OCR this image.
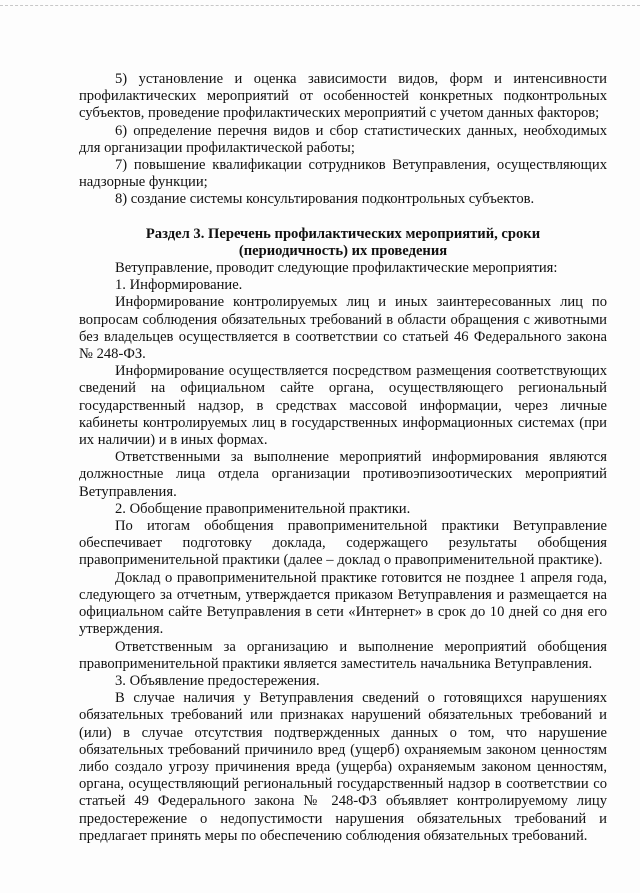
5) установление и оценка зависимости видов, форм и интенсивности профилактических мероприятий от особенностей конкретных подконтрольных субъектов, проведение профилактических мероприятий с учетом данных факторов;

6) определение перечня видов и сбор статистических данных, необходимых для организации профилактической работы;

7) повышение квалификации сотрудников Ветуправления, осуществляющих надзорные функции;

8) создание системы консультирования подконтрольных субъектов.

Раздел 3. Перечень профилактических мероприятий, сроки (периодичность) их проведения

Ветуправление, проводит следующие профилактические мероприятия:

1. Информирование.

Информирование контролируемых лиц и иных заинтересованных лиц по вопросам соблюдения обязательных требований в области обращения с животными без владельцев осуществляется в соответствии со статьей 46 Федерального закона № 248-ФЗ.

Информирование осуществляется посредством размещения соответствующих сведений на официальном сайте органа, осуществляющего региональный государственный надзор, в средствах массовой информации, через личные кабинеты контролируемых лиц в государственных информационных системах (при их наличии) и в иных формах.

Ответственными за выполнение мероприятий информирования являются должностные лица отдела организации противоэпизоотических мероприятий Ветуправления.

2. Обобщение правоприменительной практики.

По итогам обобщения правоприменительной практики Ветуправление обеспечивает подготовку доклада, содержащего результаты обобщения правоприменительной практики (далее – доклад о правоприменительной практике).

Доклад о правоприменительной практике готовится не позднее 1 апреля года, следующего за отчетным, утверждается приказом Ветуправления и размещается на официальном сайте Ветуправления в сети «Интернет» в срок до 10 дней со дня его утверждения.

Ответственным за организацию и выполнение мероприятий обобщения правоприменительной практики является заместитель начальника Ветуправления.

3. Объявление предостережения.

В случае наличия у Ветуправления сведений о готовящихся нарушениях обязательных требований или признаках нарушений обязательных требований и (или) в случае отсутствия подтвержденных данных о том, что нарушение обязательных требований причинило вред (ущерб) охраняемым законом ценностям либо создало угрозу причинения вреда (ущерба) охраняемым законом ценностям, органа, осуществляющий региональный государственный надзор в соответствии со статьей 49 Федерального закона № 248-ФЗ объявляет контролируемому лицу предостережение о недопустимости нарушения обязательных требований и предлагает принять меры по обеспечению соблюдения обязательных требований.
